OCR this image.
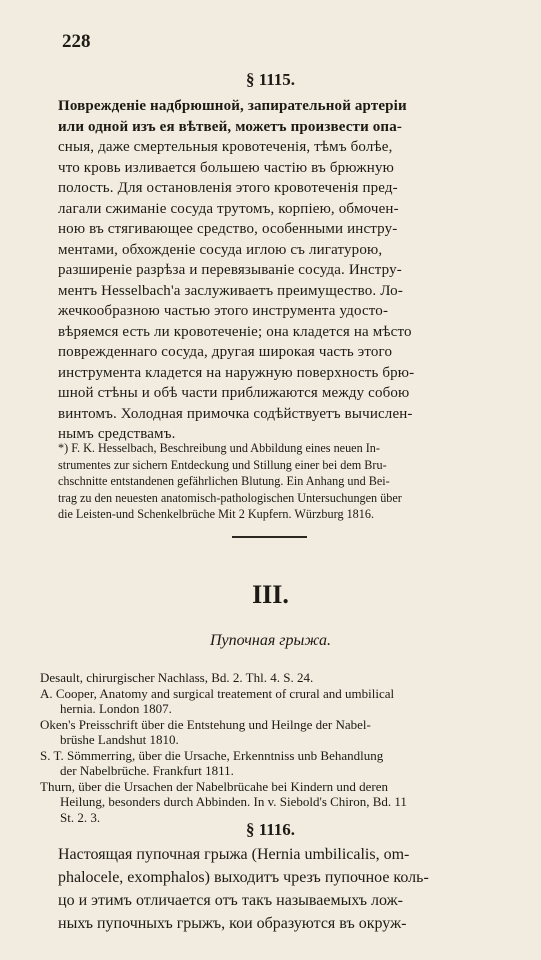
228
§ 1115.
Поврежденіе надбрюшной, запирательной артеріи
или одной изъ ея вѣтвей, можетъ произвести опа-
сныя, даже смертельныя кровотеченія, тѣмъ болѣе,
что кровь изливается большею частію въ брюжную
полость. Для остановленія этого кровотеченія пред-
лагали сжиманіе сосуда трутомъ, корпіею, обмочен-
ною въ стягивающее средство, особенными инстру-
ментами, обхожденіе сосуда иглою съ лигатурою,
разширеніе разрѣза и перевязываніе сосуда. Инстру-
ментъ Hesselbach'а заслуживаетъ преимущество. Ло-
жечкообразною частью этого инструмента удосто-
вѣряемся есть ли кровотеченіе; она кладется на мѣсто
поврежденнаго сосуда, другая широкая часть этого
инструмента кладется на наружную поверхность брю-
шной стѣны и обѣ части приближаются между собою
винтомъ. Холодная примочка содѣйствуетъ вычислен-
нымъ средствамъ.
*) F. K. Hesselbach, Beschreibung und Abbildung eines neuen In-
strumentes zur sichern Entdeckung und Stillung einer bei dem Bru-
chschnitte entstandenen gefährlichen Blutung. Ein Anhang und Bei-
trag zu den neuesten anatomisch-pathologischen Untersuchungen über
die Leisten-und Schenkelbrüche Mit 2 Kupfern. Würzburg 1816.
III.
Пупочная грыжа.
Desault, chirurgischer Nachlass, Bd. 2. Thl. 4. S. 24.
A. Cooper, Anatomy and surgical treatement of crural and umbilical
hernia. London 1807.
Oken's Preisschrift über die Entstehung und Heilnge der Nabel-
brüshe Landshut 1810.
S. T. Sömmerring, über die Ursache, Erkenntniss unb Behandlung
der Nabelbrüche. Frankfurt 1811.
Thurn, über die Ursachen der Nabelbrüсahe bei Kindern und deren
Heilung, besonders durch Abbinden. In v. Siebold's Chiron, Bd. 11
St. 2. 3.
§ 1116.
Настоящая пупочная грыжа (Hernia umbilicalis, om-
phalocele, exomphalos) выходитъ чрезъ пупочное коль-
цо и этимъ отличается отъ такъ называемыхъ лож-
ныхъ пупочныхъ грыжъ, кои образуются въ окруж-
